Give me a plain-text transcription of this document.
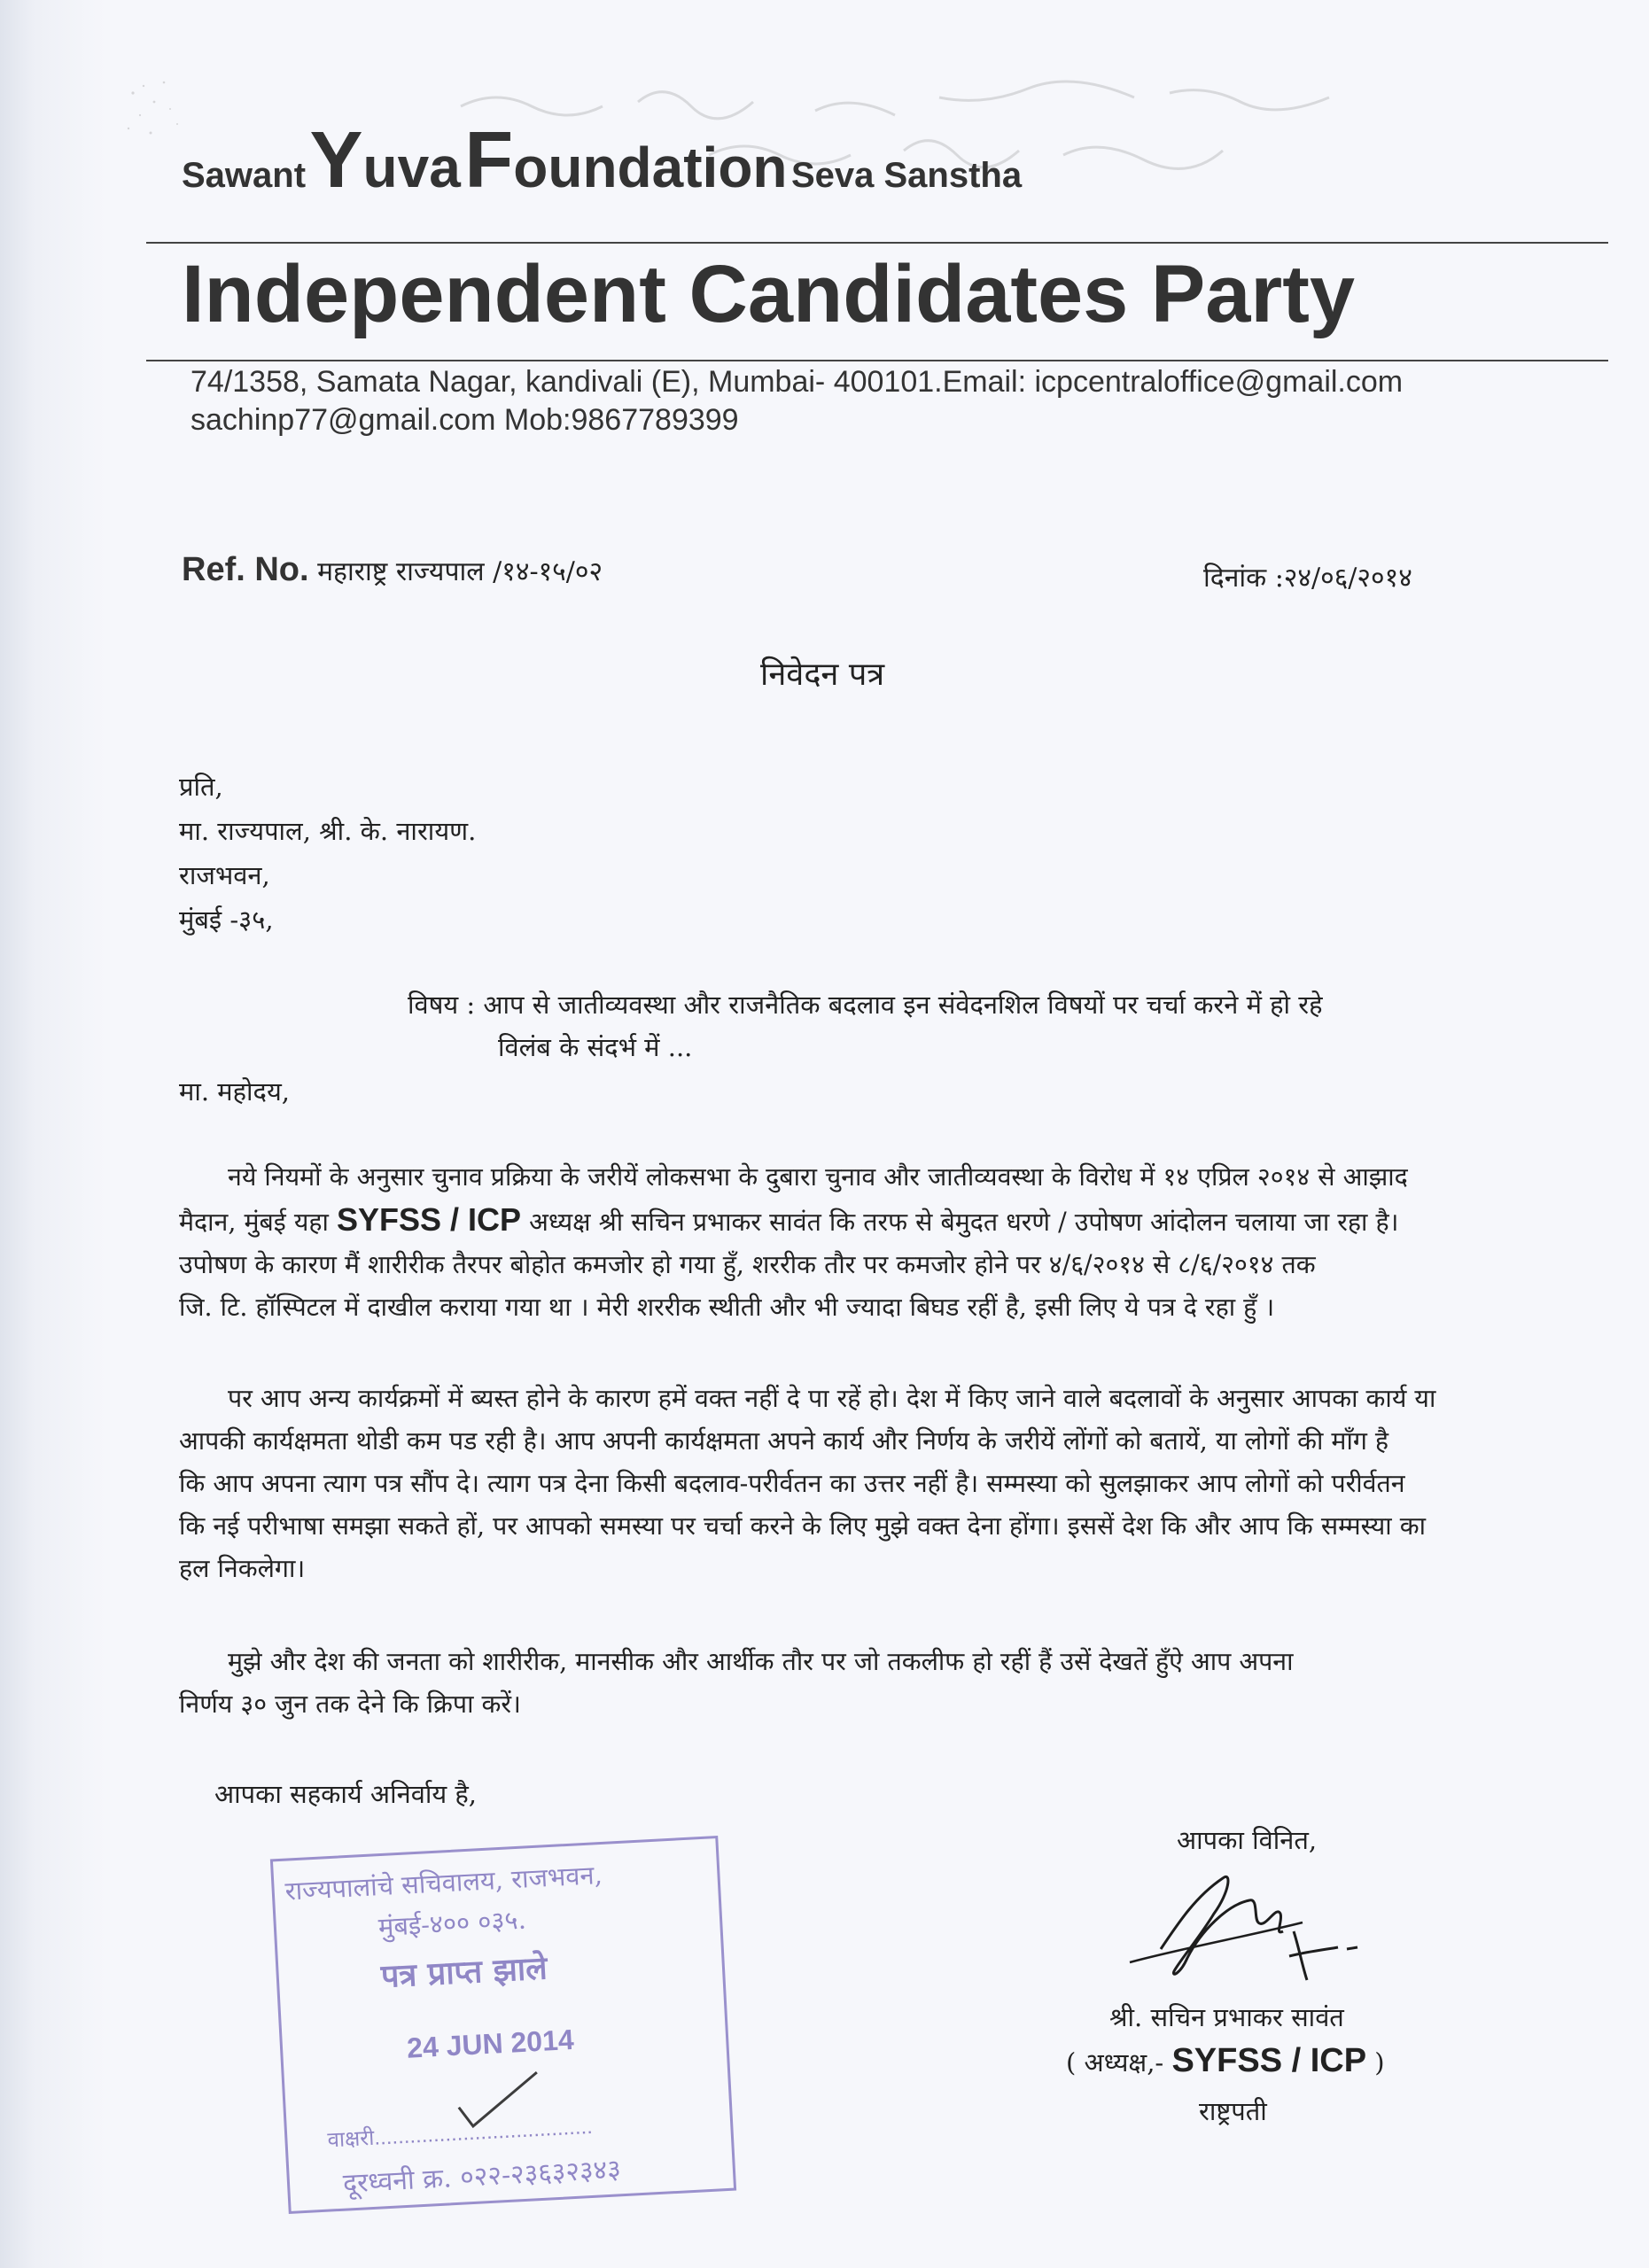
Sawant Yuva Foundation Seva Sanstha
Independent Candidates Party
74/1358, Samata Nagar, kandivali (E), Mumbai- 400101.Email: icpcentraloffice@gmail.com
sachinp77@gmail.com Mob:9867789399
Ref. No. महाराष्ट्र राज्यपाल /१४-१५/०२	दिनांक :२४/०६/२०१४
निवेदन पत्र
प्रति,
मा. राज्यपाल, श्री. के. नारायण.
राजभवन,
मुंबई -३५,
विषय : आप से जातीव्यवस्था और राजनैतिक बदलाव इन संवेदनशिल विषयों पर चर्चा करने में हो रहे
विलंब के संदर्भ में ...
मा. महोदय,
नये नियमों के अनुसार चुनाव प्रक्रिया के जरीयें लोकसभा के दुबारा चुनाव और जातीव्यवस्था के विरोध में १४ एप्रिल २०१४ से आझाद
मैदान, मुंबई यहा SYFSS / ICP अध्यक्ष श्री सचिन प्रभाकर सावंत कि तरफ से बेमुदत धरणे / उपोषण आंदोलन चलाया जा रहा है।
उपोषण के कारण मैं शारीरीक तैरपर बोहोत कमजोर हो गया हुँ, शररीक तौर पर कमजोर होने पर ४/६/२०१४ से ८/६/२०१४ तक
जि. टि. हॉस्पिटल में दाखील कराया गया था । मेरी शररीक स्थीती और भी ज्यादा बिघड रहीं है, इसी लिए ये पत्र दे रहा हुँ ।
पर आप अन्य कार्यक्रमों में ब्यस्त होने के कारण हमें वक्त नहीं दे पा रहें हो। देश में किए जाने वाले बदलावों के अनुसार आपका कार्य या
आपकी कार्यक्षमता थोडी कम पड रही है। आप अपनी कार्यक्षमता अपने कार्य और निर्णय के जरीयें लोंगों को बतायें, या लोगों की माँग है
कि आप अपना त्याग पत्र सौंप दे। त्याग पत्र देना किसी बदलाव-परीर्वतन का उत्तर नहीं है। सम्मस्या को सुलझाकर आप लोगों को परीर्वतन
कि नई परीभाषा समझा सकते हों, पर आपको समस्या पर चर्चा करने के लिए मुझे वक्त देना होंगा। इससें देश कि और आप कि सम्मस्या का
हल निकलेगा।
मुझे और देश की जनता को शारीरीक, मानसीक और आर्थीक तौर पर जो तकलीफ हो रहीं हैं उसें देखतें हुँऐ आप अपना
निर्णय ३० जुन तक देने कि क्रिपा करें।
आपका सहकार्य अनिर्वाय है,
आपका विनित,
श्री. सचिन प्रभाकर सावंत
( अध्यक्ष,- SYFSS / ICP )
राष्ट्रपती
राज्यपालांचे सचिवालय, राजभवन,
मुंबई-४०० ०३५.
पत्र प्राप्त झाले
24 JUN 2014
वाक्षरी.....................................
दूरध्वनी क्र. ०२२-२३६३२३४३
